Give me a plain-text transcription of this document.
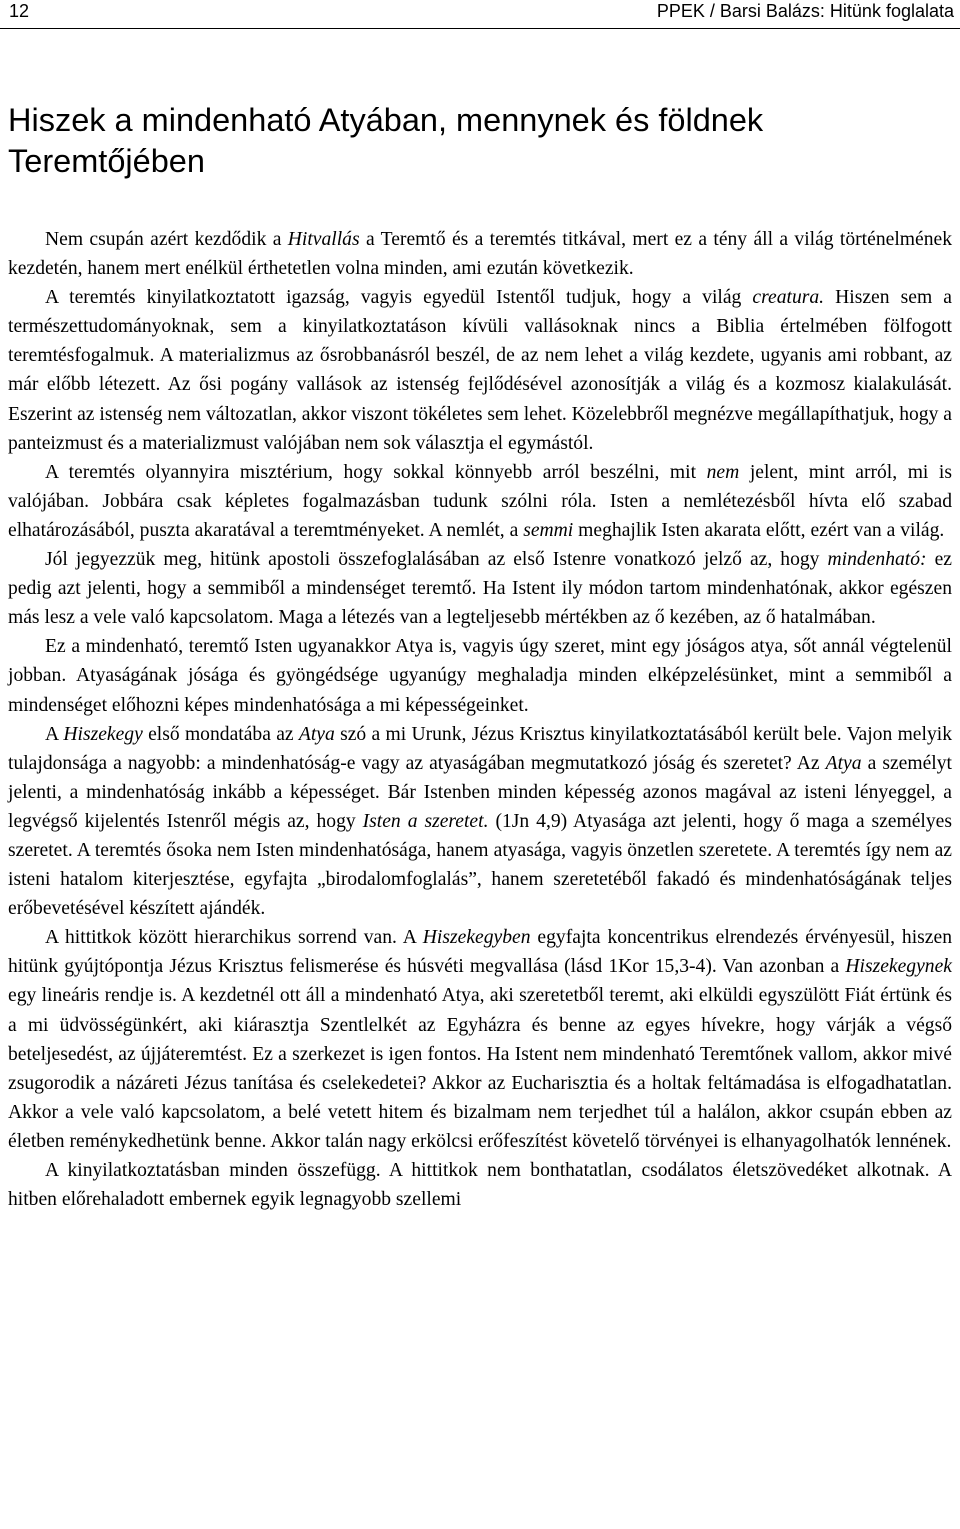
12	PPEK / Barsi Balázs: Hitünk foglalata
Hiszek a mindenható Atyában, mennynek és földnek Teremtőjében

Nem csupán azért kezdődik a Hitvallás a Teremtő és a teremtés titkával, mert ez a tény áll a világ történelmének kezdetén, hanem mert enélkül érthetetlen volna minden, ami ezután következik.

A teremtés kinyilatkoztatott igazság, vagyis egyedül Istentől tudjuk, hogy a világ creatura. Hiszen sem a természettudományoknak, sem a kinyilatkoztatáson kívüli vallásoknak nincs a Biblia értelmében fölfogott teremtésfogalmuk. A materializmus az ősrobbanásról beszél, de az nem lehet a világ kezdete, ugyanis ami robbant, az már előbb létezett. Az ősi pogány vallások az istenség fejlődésével azonosítják a világ és a kozmosz kialakulását. Eszerint az istenség nem változatlan, akkor viszont tökéletes sem lehet. Közelebbről megnézve megállapíthatjuk, hogy a panteizmust és a materializmust valójában nem sok választja el egymástól.

A teremtés olyannyira misztérium, hogy sokkal könnyebb arról beszélni, mit nem jelent, mint arról, mi is valójában. Jobbára csak képletes fogalmazásban tudunk szólni róla. Isten a nemlétezésből hívta elő szabad elhatározásából, puszta akaratával a teremtményeket. A nemlét, a semmi meghajlik Isten akarata előtt, ezért van a világ.

Jól jegyezzük meg, hitünk apostoli összefoglalásában az első Istenre vonatkozó jelző az, hogy mindenható: ez pedig azt jelenti, hogy a semmiből a mindenséget teremtő. Ha Istent ily módon tartom mindenhatónak, akkor egészen más lesz a vele való kapcsolatom. Maga a létezés van a legteljesebb mértékben az ő kezében, az ő hatalmában.

Ez a mindenható, teremtő Isten ugyanakkor Atya is, vagyis úgy szeret, mint egy jóságos atya, sőt annál végtelenül jobban. Atyaságának jósága és gyöngédsége ugyanúgy meghaladja minden elképzelésünket, mint a semmiből a mindenséget előhozni képes mindenhatósága a mi képességeinket.

A Hiszekegy első mondatába az Atya szó a mi Urunk, Jézus Krisztus kinyilatkoztatásából került bele. Vajon melyik tulajdonsága a nagyobb: a mindenhatóság-e vagy az atyaságában megmutatkozó jóság és szeretet? Az Atya a személyt jelenti, a mindenhatóság inkább a képességet. Bár Istenben minden képesség azonos magával az isteni lényeggel, a legvégső kijelentés Istenről mégis az, hogy Isten a szeretet. (1Jn 4,9) Atyasága azt jelenti, hogy ő maga a személyes szeretet. A teremtés ősoka nem Isten mindenhatósága, hanem atyasága, vagyis önzetlen szeretete. A teremtés így nem az isteni hatalom kiterjesztése, egyfajta „birodalomfoglalás”, hanem szeretetéből fakadó és mindenhatóságának teljes erőbevetésével készített ajándék.

A hittitkok között hierarchikus sorrend van. A Hiszekegyben egyfajta koncentrikus elrendezés érvényesül, hiszen hitünk gyújtópontja Jézus Krisztus felismerése és húsvéti megvallása (lásd 1Kor 15,3-4). Van azonban a Hiszekegynek egy lineáris rendje is. A kezdetnél ott áll a mindenható Atya, aki szeretetből teremt, aki elküldi egyszülött Fiát értünk és a mi üdvösségünkért, aki kiárasztja Szentlelkét az Egyházra és benne az egyes hívekre, hogy várják a végső beteljesedést, az újjáteremtést. Ez a szerkezet is igen fontos. Ha Istent nem mindenható Teremtőnek vallom, akkor mivé zsugorodik a názáreti Jézus tanítása és cselekedetei? Akkor az Eucharisztia és a holtak feltámadása is elfogadhatatlan. Akkor a vele való kapcsolatom, a belé vetett hitem és bizalmam nem terjedhet túl a halálon, akkor csupán ebben az életben reménykedhetünk benne. Akkor talán nagy erkölcsi erőfeszítést követelő törvényei is elhanyagolhatók lennének.

A kinyilatkoztatásban minden összefügg. A hittitkok nem bonthatatlan, csodálatos életszövedéket alkotnak. A hitben előrehaladott embernek egyik legnagyobb szellemi
